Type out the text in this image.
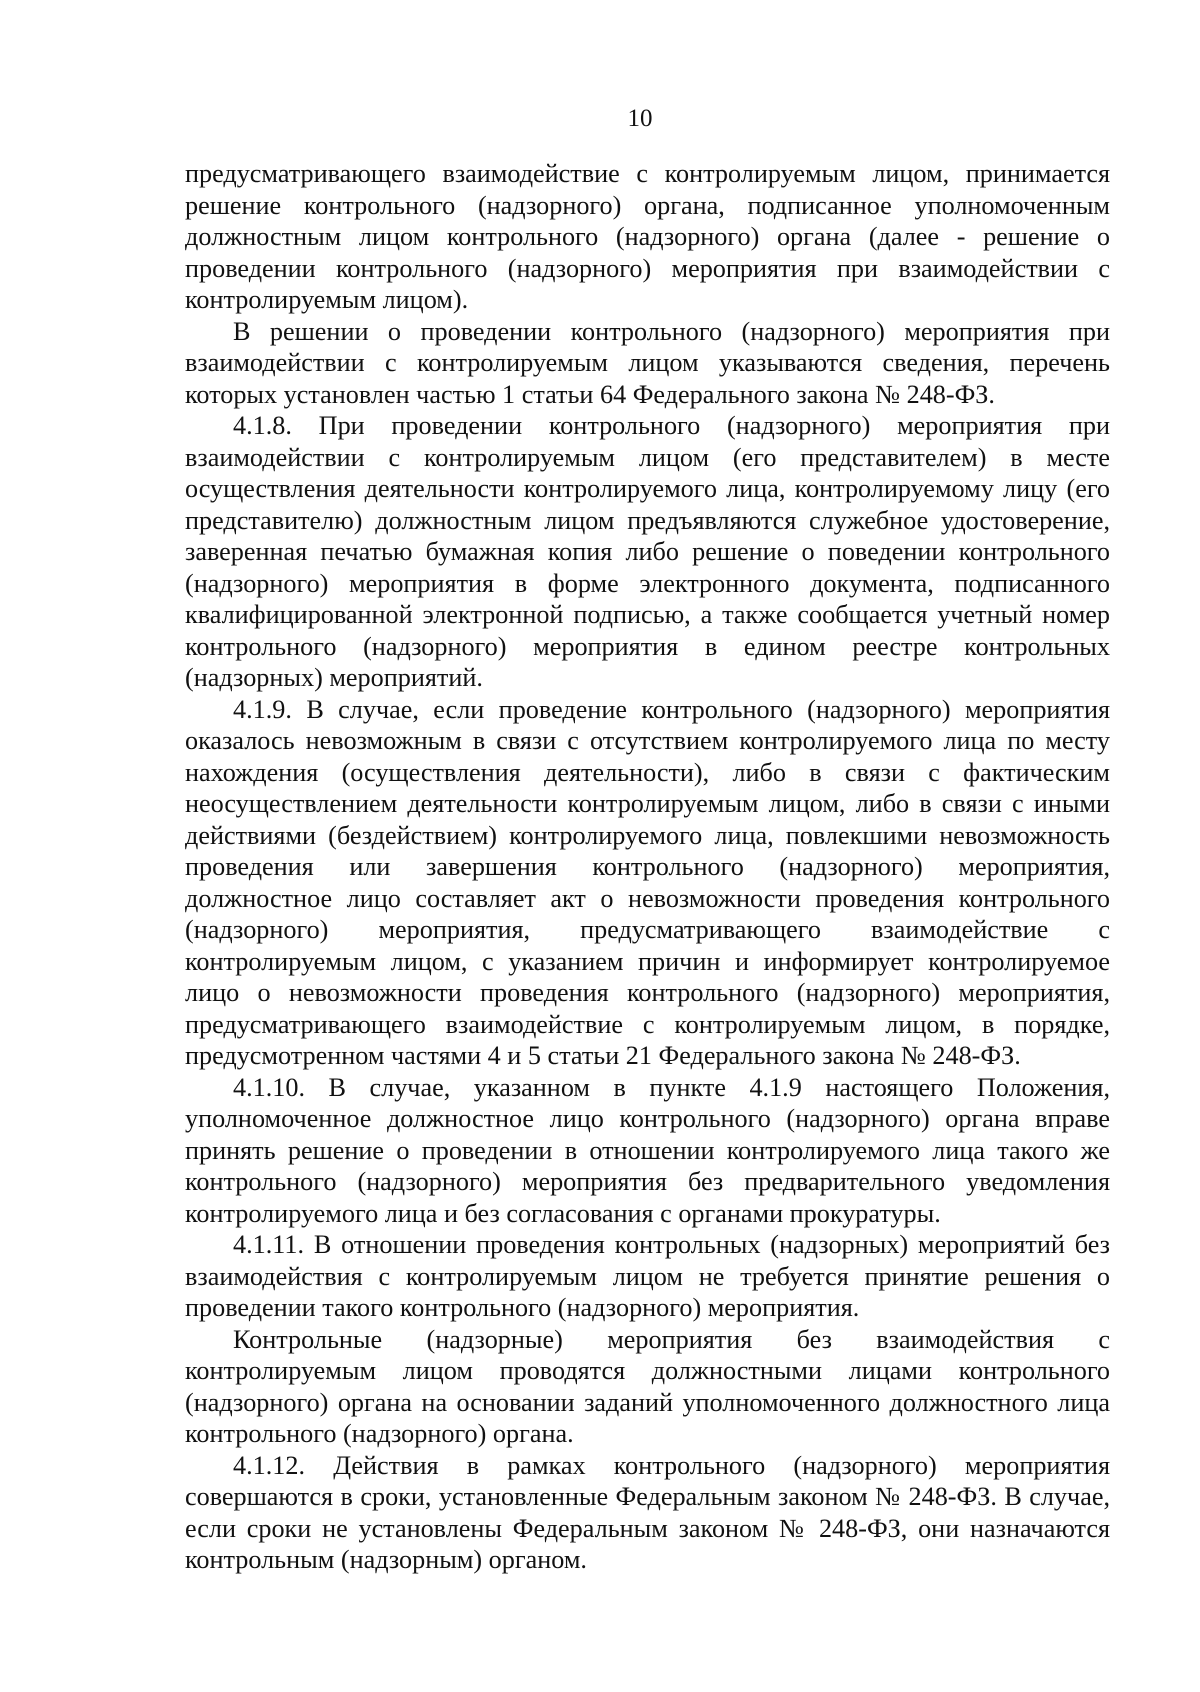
10

предусматривающего взаимодействие с контролируемым лицом, принимается решение контрольного (надзорного) органа, подписанное уполномоченным должностным лицом контрольного (надзорного) органа (далее - решение о проведении контрольного (надзорного) мероприятия при взаимодействии с контролируемым лицом).

В решении о проведении контрольного (надзорного) мероприятия при взаимодействии с контролируемым лицом указываются сведения, перечень которых установлен частью 1 статьи 64 Федерального закона № 248-ФЗ.

4.1.8. При проведении контрольного (надзорного) мероприятия при взаимодействии с контролируемым лицом (его представителем) в месте осуществления деятельности контролируемого лица, контролируемому лицу (его представителю) должностным лицом предъявляются служебное удостоверение, заверенная печатью бумажная копия либо решение о поведении контрольного (надзорного) мероприятия в форме электронного документа, подписанного квалифицированной электронной подписью, а также сообщается учетный номер контрольного (надзорного) мероприятия в едином реестре контрольных (надзорных) мероприятий.

4.1.9. В случае, если проведение контрольного (надзорного) мероприятия оказалось невозможным в связи с отсутствием контролируемого лица по месту нахождения (осуществления деятельности), либо в связи с фактическим неосуществлением деятельности контролируемым лицом, либо в связи с иными действиями (бездействием) контролируемого лица, повлекшими невозможность проведения или завершения контрольного (надзорного) мероприятия, должностное лицо составляет акт о невозможности проведения контрольного (надзорного) мероприятия, предусматривающего взаимодействие с контролируемым лицом, с указанием причин и информирует контролируемое лицо о невозможности проведения контрольного (надзорного) мероприятия, предусматривающего взаимодействие с контролируемым лицом, в порядке, предусмотренном частями 4 и 5 статьи 21 Федерального закона № 248-ФЗ.

4.1.10. В случае, указанном в пункте 4.1.9 настоящего Положения, уполномоченное должностное лицо контрольного (надзорного) органа вправе принять решение о проведении в отношении контролируемого лица такого же контрольного (надзорного) мероприятия без предварительного уведомления контролируемого лица и без согласования с органами прокуратуры.

4.1.11. В отношении проведения контрольных (надзорных) мероприятий без взаимодействия с контролируемым лицом не требуется принятие решения о проведении такого контрольного (надзорного) мероприятия.

Контрольные (надзорные) мероприятия без взаимодействия с контролируемым лицом проводятся должностными лицами контрольного (надзорного) органа на основании заданий уполномоченного должностного лица контрольного (надзорного) органа.

4.1.12. Действия в рамках контрольного (надзорного) мероприятия совершаются в сроки, установленные Федеральным законом № 248-ФЗ. В случае, если сроки не установлены Федеральным законом № 248-ФЗ, они назначаются контрольным (надзорным) органом.
